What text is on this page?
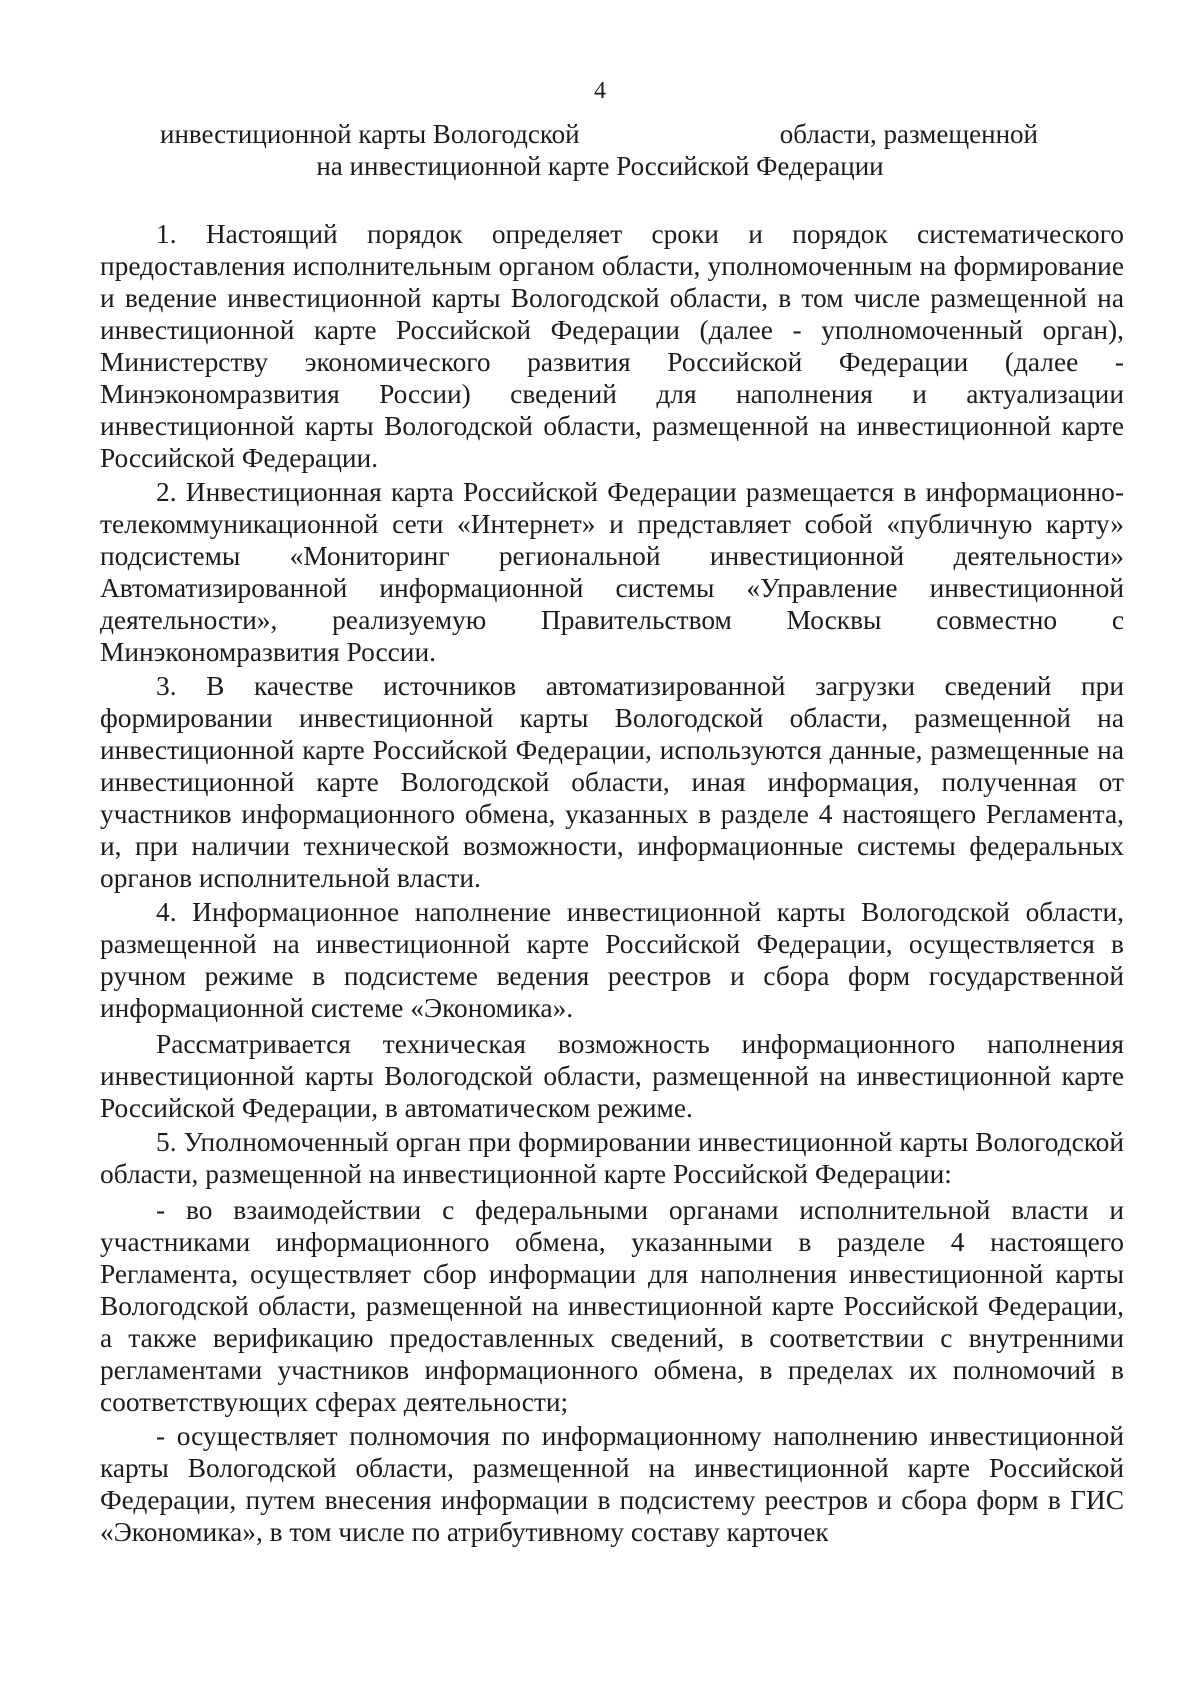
4
инвестиционной карты Вологодской	области, размещенной
на инвестиционной карте Российской Федерации

1. Настоящий порядок определяет сроки и порядок систематического предоставления исполнительным органом области, уполномоченным на формирование и ведение инвестиционной карты Вологодской области, в том числе размещенной на инвестиционной карте Российской Федерации (далее - уполномоченный орган), Министерству экономического развития Российской Федерации (далее - Минэкономразвития России) сведений для наполнения и актуализации инвестиционной карты Вологодской области, размещенной на инвестиционной карте Российской Федерации.

2. Инвестиционная карта Российской Федерации размещается в информационно-телекоммуникационной сети «Интернет» и представляет собой «публичную карту» подсистемы «Мониторинг региональной инвестиционной деятельности» Автоматизированной информационной системы «Управление инвестиционной деятельности», реализуемую Правительством Москвы совместно с Минэкономразвития России.

3. В качестве источников автоматизированной загрузки сведений при формировании инвестиционной карты Вологодской области, размещенной на инвестиционной карте Российской Федерации, используются данные, размещенные на инвестиционной карте Вологодской области, иная информация, полученная от участников информационного обмена, указанных в разделе 4 настоящего Регламента, и, при наличии технической возможности, информационные системы федеральных органов исполнительной власти.

4. Информационное наполнение инвестиционной карты Вологодской области, размещенной на инвестиционной карте Российской Федерации, осуществляется в ручном режиме в подсистеме ведения реестров и сбора форм государственной информационной системе «Экономика».

Рассматривается техническая возможность информационного наполнения инвестиционной карты Вологодской области, размещенной на инвестиционной карте Российской Федерации, в автоматическом режиме.

5. Уполномоченный орган при формировании инвестиционной карты Вологодской области, размещенной на инвестиционной карте Российской Федерации:

- во взаимодействии с федеральными органами исполнительной власти и участниками информационного обмена, указанными в разделе 4 настоящего Регламента, осуществляет сбор информации для наполнения инвестиционной карты Вологодской области, размещенной на инвестиционной карте Российской Федерации, а также верификацию предоставленных сведений, в соответствии с внутренними регламентами участников информационного обмена, в пределах их полномочий в соответствующих сферах деятельности;

- осуществляет полномочия по информационному наполнению инвестиционной карты Вологодской области, размещенной на инвестиционной карте Российской Федерации, путем внесения информации в подсистему реестров и сбора форм в ГИС «Экономика», в том числе по атрибутивному составу карточек
